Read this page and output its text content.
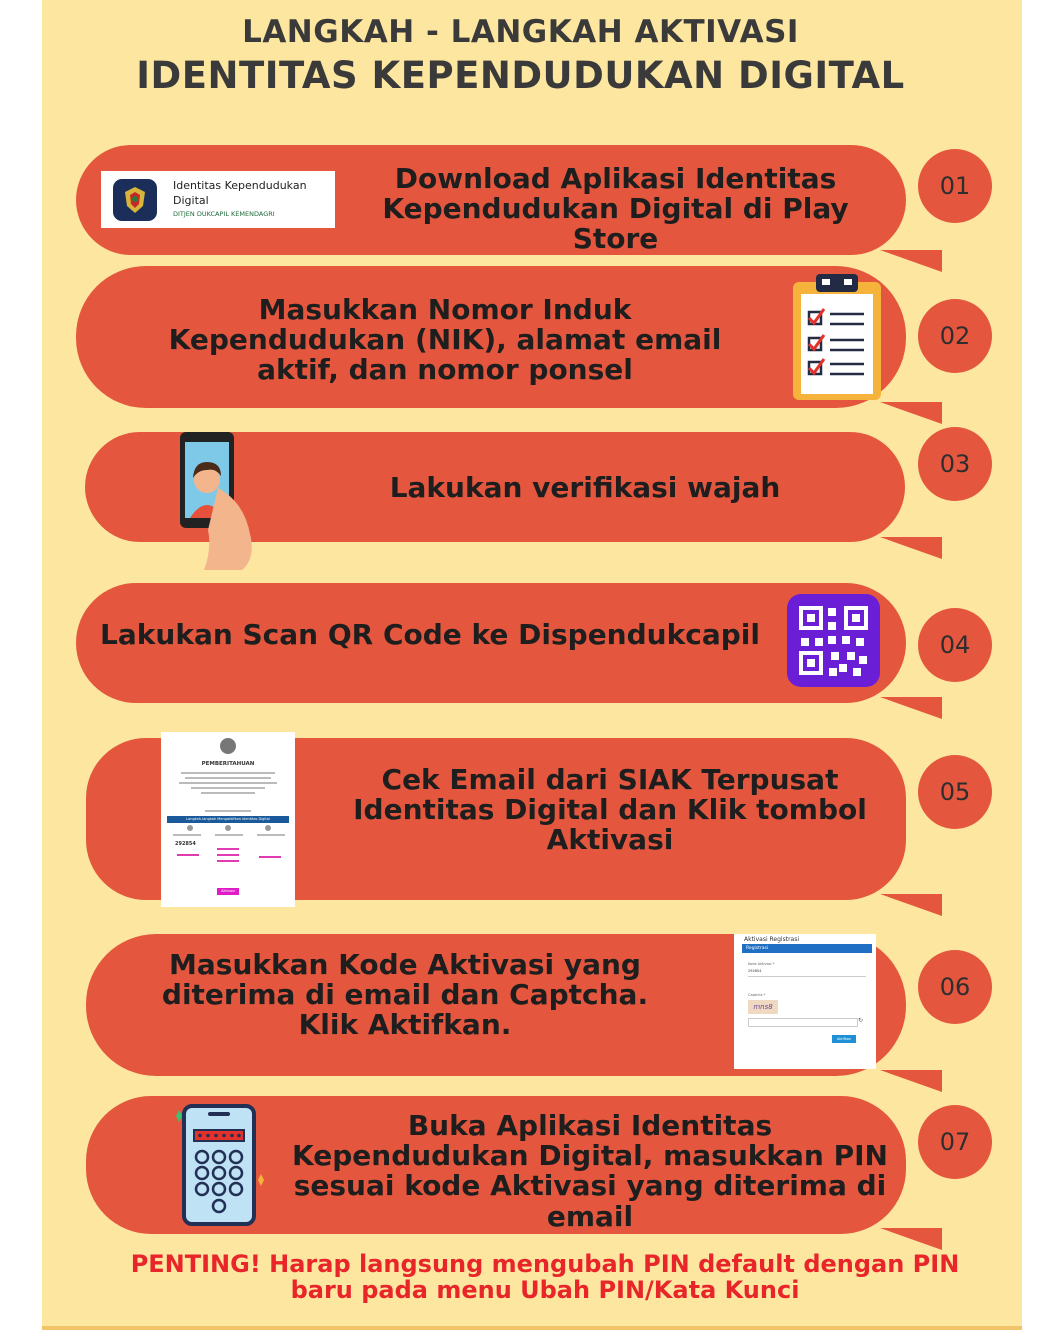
LANGKAH - LANGKAH AKTIVASI
IDENTITAS KEPENDUDUKAN DIGITAL
01
Identitas Kependudukan
Digital
DITJEN DUKCAPIL KEMENDAGRI
Download Aplikasi Identitas Kependudukan Digital di Play Store
02
Masukkan Nomor Induk Kependudukan (NIK), alamat email aktif, dan nomor ponsel
03
Lakukan verifikasi wajah
04
Lakukan Scan QR Code ke Dispendukcapil
05
PEMBERITAHUAN
Langkah-langkah Mengaktifkan Identitas Digital
292854
Aktivasi
Cek Email dari SIAK Terpusat Identitas Digital dan Klik tombol Aktivasi
06
Masukkan Kode Aktivasi yang diterima di email dan Captcha. Klik Aktifkan.
Aktivasi Registrasi
Registrasi
Kode Aktivasi *
292854
Captcha *
mns8
↻
Aktifkan
07
Buka Aplikasi Identitas Kependudukan Digital, masukkan PIN sesuai kode Aktivasi yang diterima di email
PENTING! Harap langsung mengubah PIN default dengan PIN baru pada menu Ubah PIN/Kata Kunci
